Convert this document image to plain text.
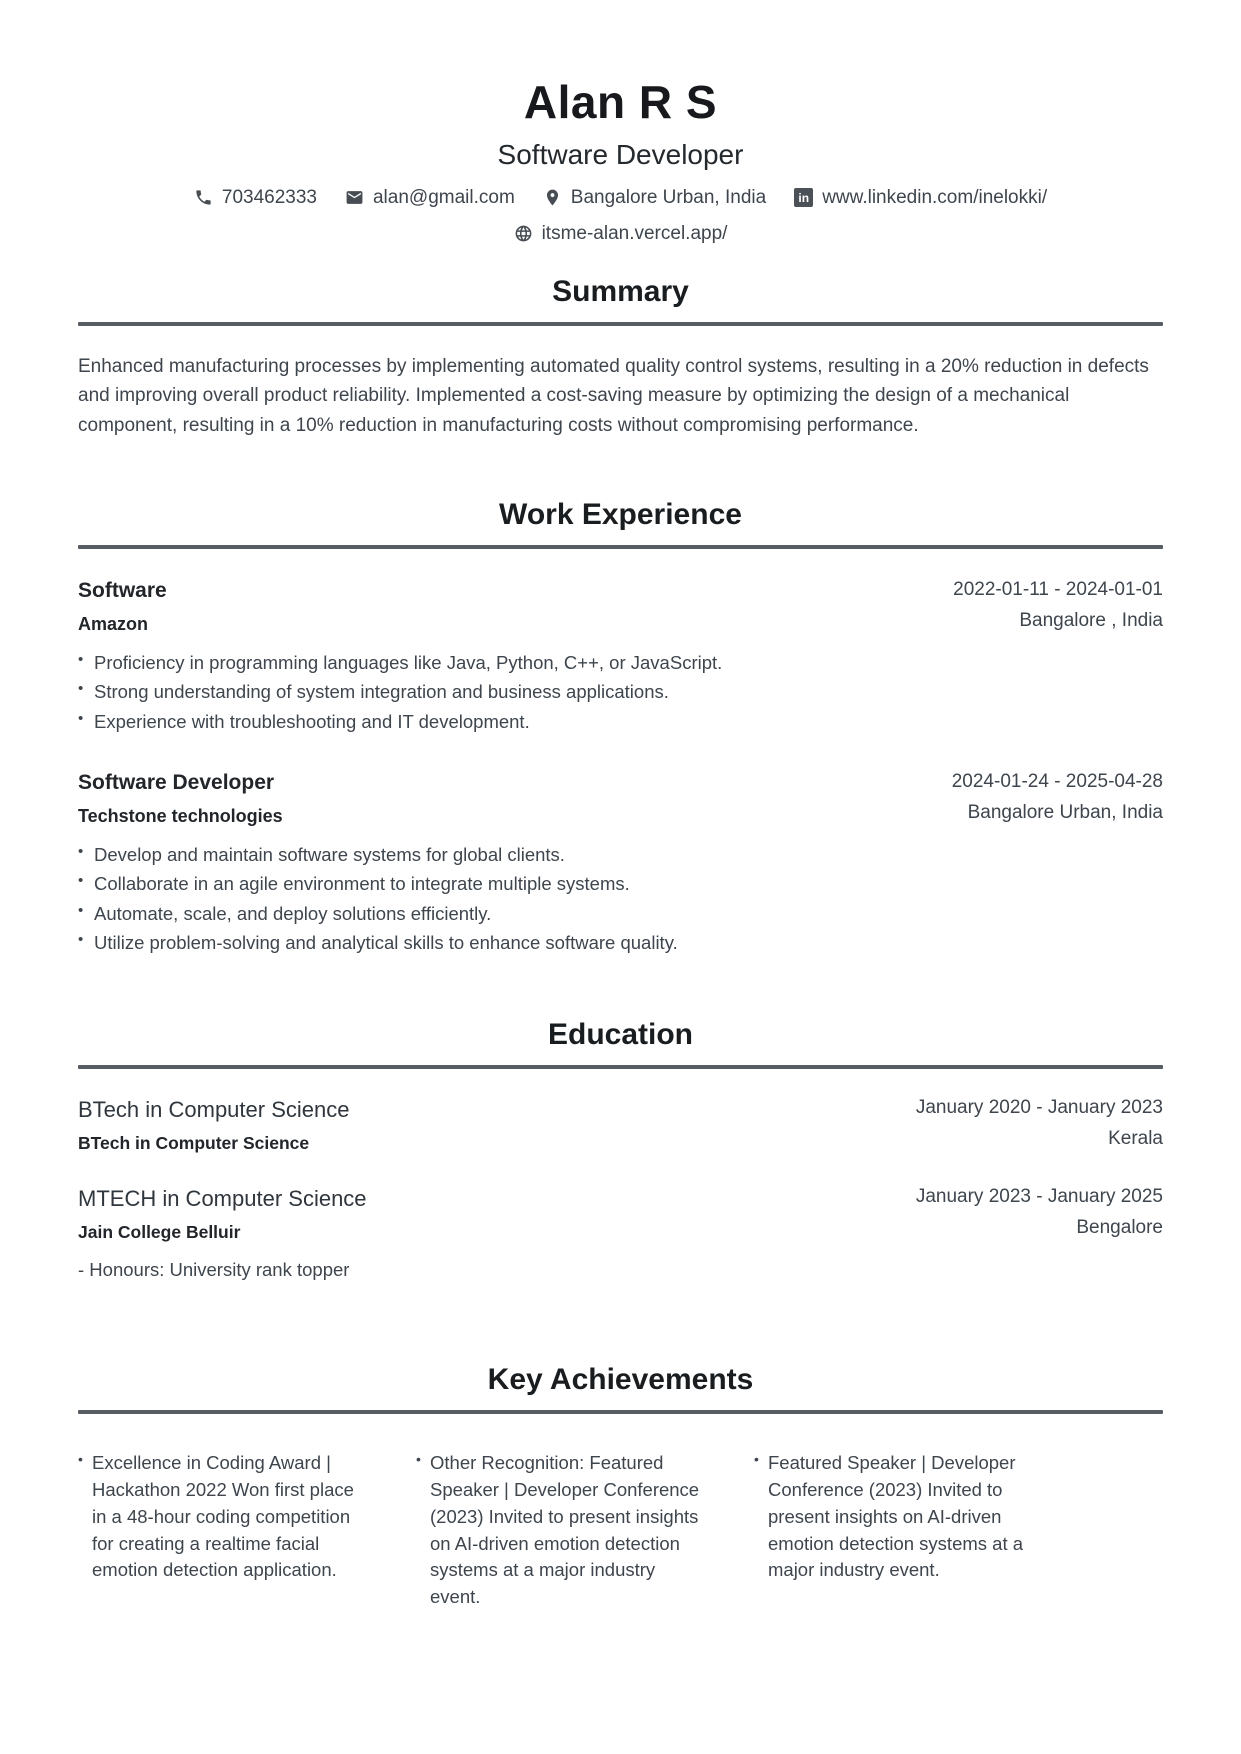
Alan R S
Software Developer
703462333	alan@gmail.com	Bangalore Urban, India	in www.linkedin.com/inelokki/
itsme-alan.vercel.app/
Summary

Enhanced manufacturing processes by implementing automated quality control systems, resulting in a 20% reduction in defects and improving overall product reliability. Implemented a cost-saving measure by optimizing the design of a mechanical component, resulting in a 10% reduction in manufacturing costs without compromising performance.

Work Experience
Software
Amazon
2022-01-11 - 2024-01-01
Bangalore , India
• Proficiency in programming languages like Java, Python, C++, or JavaScript.
• Strong understanding of system integration and business applications.
• Experience with troubleshooting and IT development.
Software Developer
Techstone technologies
2024-01-24 - 2025-04-28
Bangalore Urban, India
• Develop and maintain software systems for global clients.
• Collaborate in an agile environment to integrate multiple systems.
• Automate, scale, and deploy solutions efficiently.
• Utilize problem-solving and analytical skills to enhance software quality.
Education
BTech in Computer Science
BTech in Computer Science
January 2020 - January 2023
Kerala
MTECH in Computer Science
Jain College Belluir
January 2023 - January 2025
Bengalore
- Honours: University rank topper
Key Achievements
• Excellence in Coding Award | Hackathon 2022 Won first place in a 48-hour coding competition for creating a realtime facial emotion detection application.
• Other Recognition: Featured Speaker | Developer Conference (2023) Invited to present insights on AI-driven emotion detection systems at a major industry event.
• Featured Speaker | Developer Conference (2023) Invited to present insights on AI-driven emotion detection systems at a major industry event.
